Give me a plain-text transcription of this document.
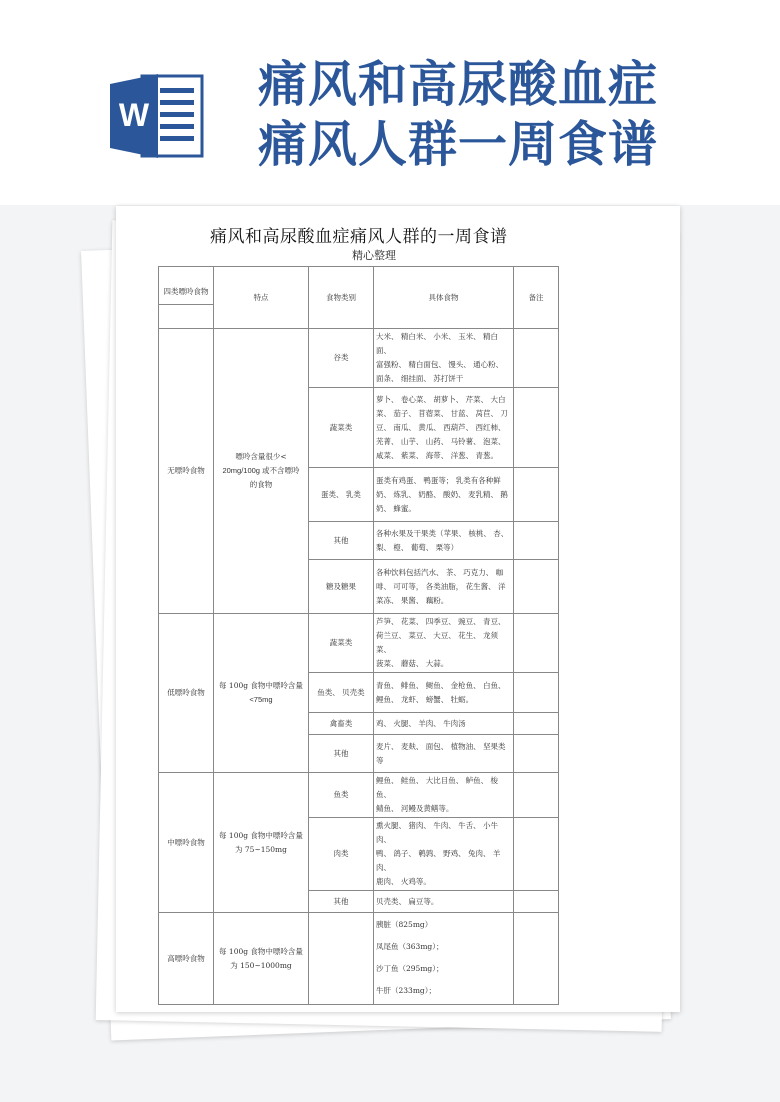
W
痛风和高尿酸血症
痛风人群一周食谱
痛风和高尿酸血症痛风人群的一周食谱
精心整理
四类嘌呤食物	特点	食物类别	具体食物	备注
无嘌呤食物	嘌呤含量很少<
20mg/100g 或不含嘌呤
的食物	谷类	大米、 精白米、 小米、 玉米、 精白面、
富强粉、 精白面包、 馒头、 通心粉、
面条、 细挂面、 苏打饼干	

		蔬菜类	萝卜、 卷心菜、 胡萝卜、 芹菜、 大白
菜、 茄子、 苜蓿菜、 甘蓝、 莴苣、 刀
豆、 南瓜、 黄瓜、 西葫芦、 西红柿、
芜菁、 山芋、 山药、 马铃薯、 泡菜、
咸菜、 紫菜、 海带、 洋葱、 青葱。	

		蛋类、 乳类	蛋类有鸡蛋、 鸭蛋等； 乳类有各种鲜
奶、 炼乳、 奶酪、 酸奶、 麦乳精、 鹅
奶、 蜂蜜。	

		其他	各种水果及干果类（苹果、 核桃、 杏、
梨、 橙、 葡萄、 栗等）	

		糖及糖果	各种饮料包括汽水、 茶、 巧克力、 咖
啡、 可可等， 各类油脂， 花生酱、 洋
菜冻、 果酱、 藕粉。	

低嘌呤食物	每 100g 食物中嘌呤含量
<75mg	蔬菜类	芦笋、 花菜、 四季豆、 豌豆、 青豆、
荷兰豆、 菜豆、 大豆、 花生、 龙须菜、
菠菜、 蘑菇、 大蒜。	

		鱼类、 贝壳类	青鱼、 鲱鱼、 鲥鱼、 金枪鱼、 白鱼、
鲤鱼、 龙虾、 螃蟹、 牡蛎。	

		禽畜类	鸡、 火腿、 羊肉、 牛肉汤	

		其他	麦片、 麦麸、 面包、 植物油、 坚果类
等	

中嘌呤食物	每 100g 食物中嘌呤含量
为 75~150mg	鱼类	鲤鱼、 鲑鱼、 大比目鱼、 鲈鱼、 梭鱼、
鲭鱼、 河鳗及黄鳝等。	

		肉类	熏火腿、 猪肉、 牛肉、 牛舌、 小牛肉、
鸭、 鸽子、 鹌鹑、 野鸡、 兔肉、 羊肉、
鹿肉、 火鸡等。	

		其他	贝壳类、 扁豆等。	

高嘌呤食物	每 100g 食物中嘌呤含量
为 150~1000mg		胰脏（825mg）
凤尾鱼（363mg）；
沙丁鱼（295mg）；
牛肝（233mg）；	
